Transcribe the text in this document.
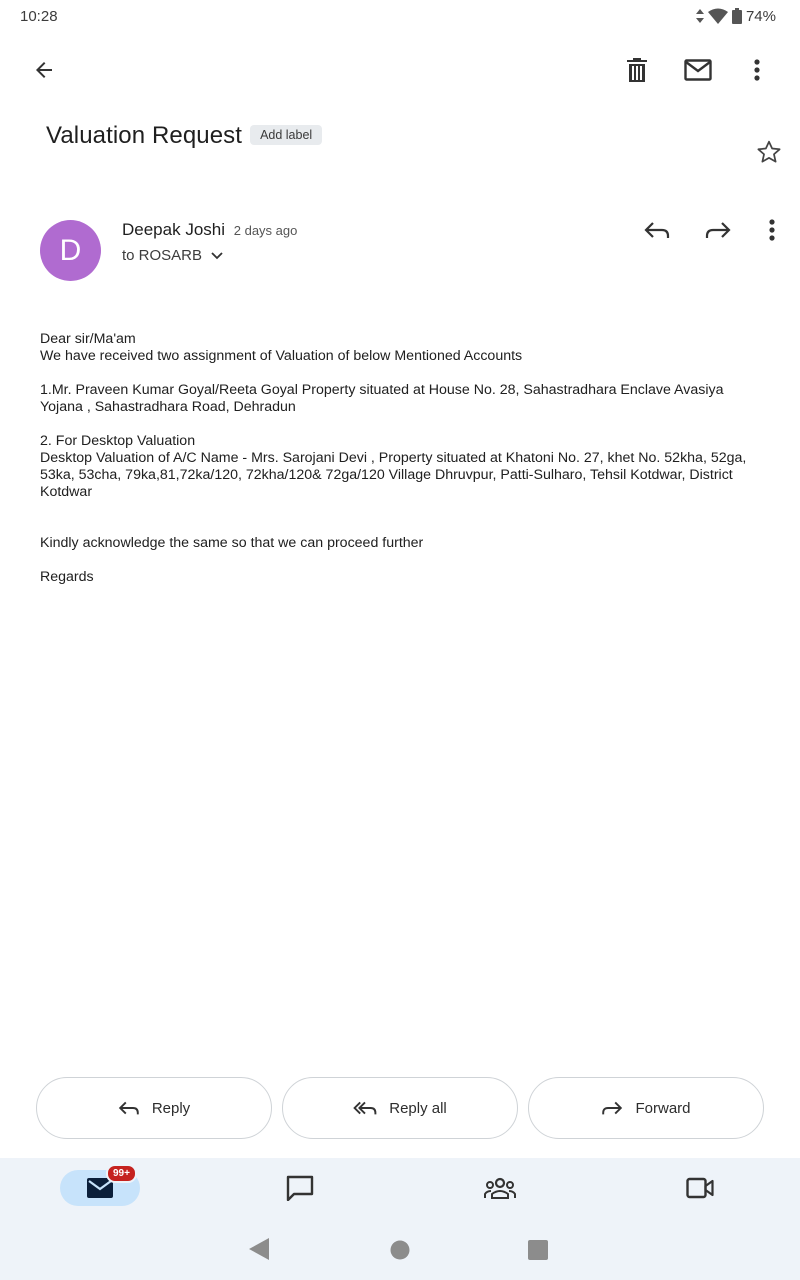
10:28	74%
Valuation Request	Add label
D
Deepak Joshi 2 days ago
to ROSARB

Dear sir/Ma'am

We have received two assignment of Valuation of below Mentioned Accounts

1.Mr. Praveen Kumar Goyal/Reeta Goyal Property situated at House No. 28, Sahastradhara Enclave Avasiya Yojana , Sahastradhara Road, Dehradun

2. For Desktop Valuation

Desktop Valuation of A/C Name - Mrs. Sarojani Devi , Property situated at Khatoni No. 27, khet No. 52kha, 52ga, 53ka, 53cha, 79ka,81,72ka/120, 72kha/120& 72ga/120 Village Dhruvpur, Patti-Sulharo, Tehsil Kotdwar, District Kotdwar

Kindly acknowledge the same so that we can proceed further

Regards

Reply	Reply all	Forward
99+
